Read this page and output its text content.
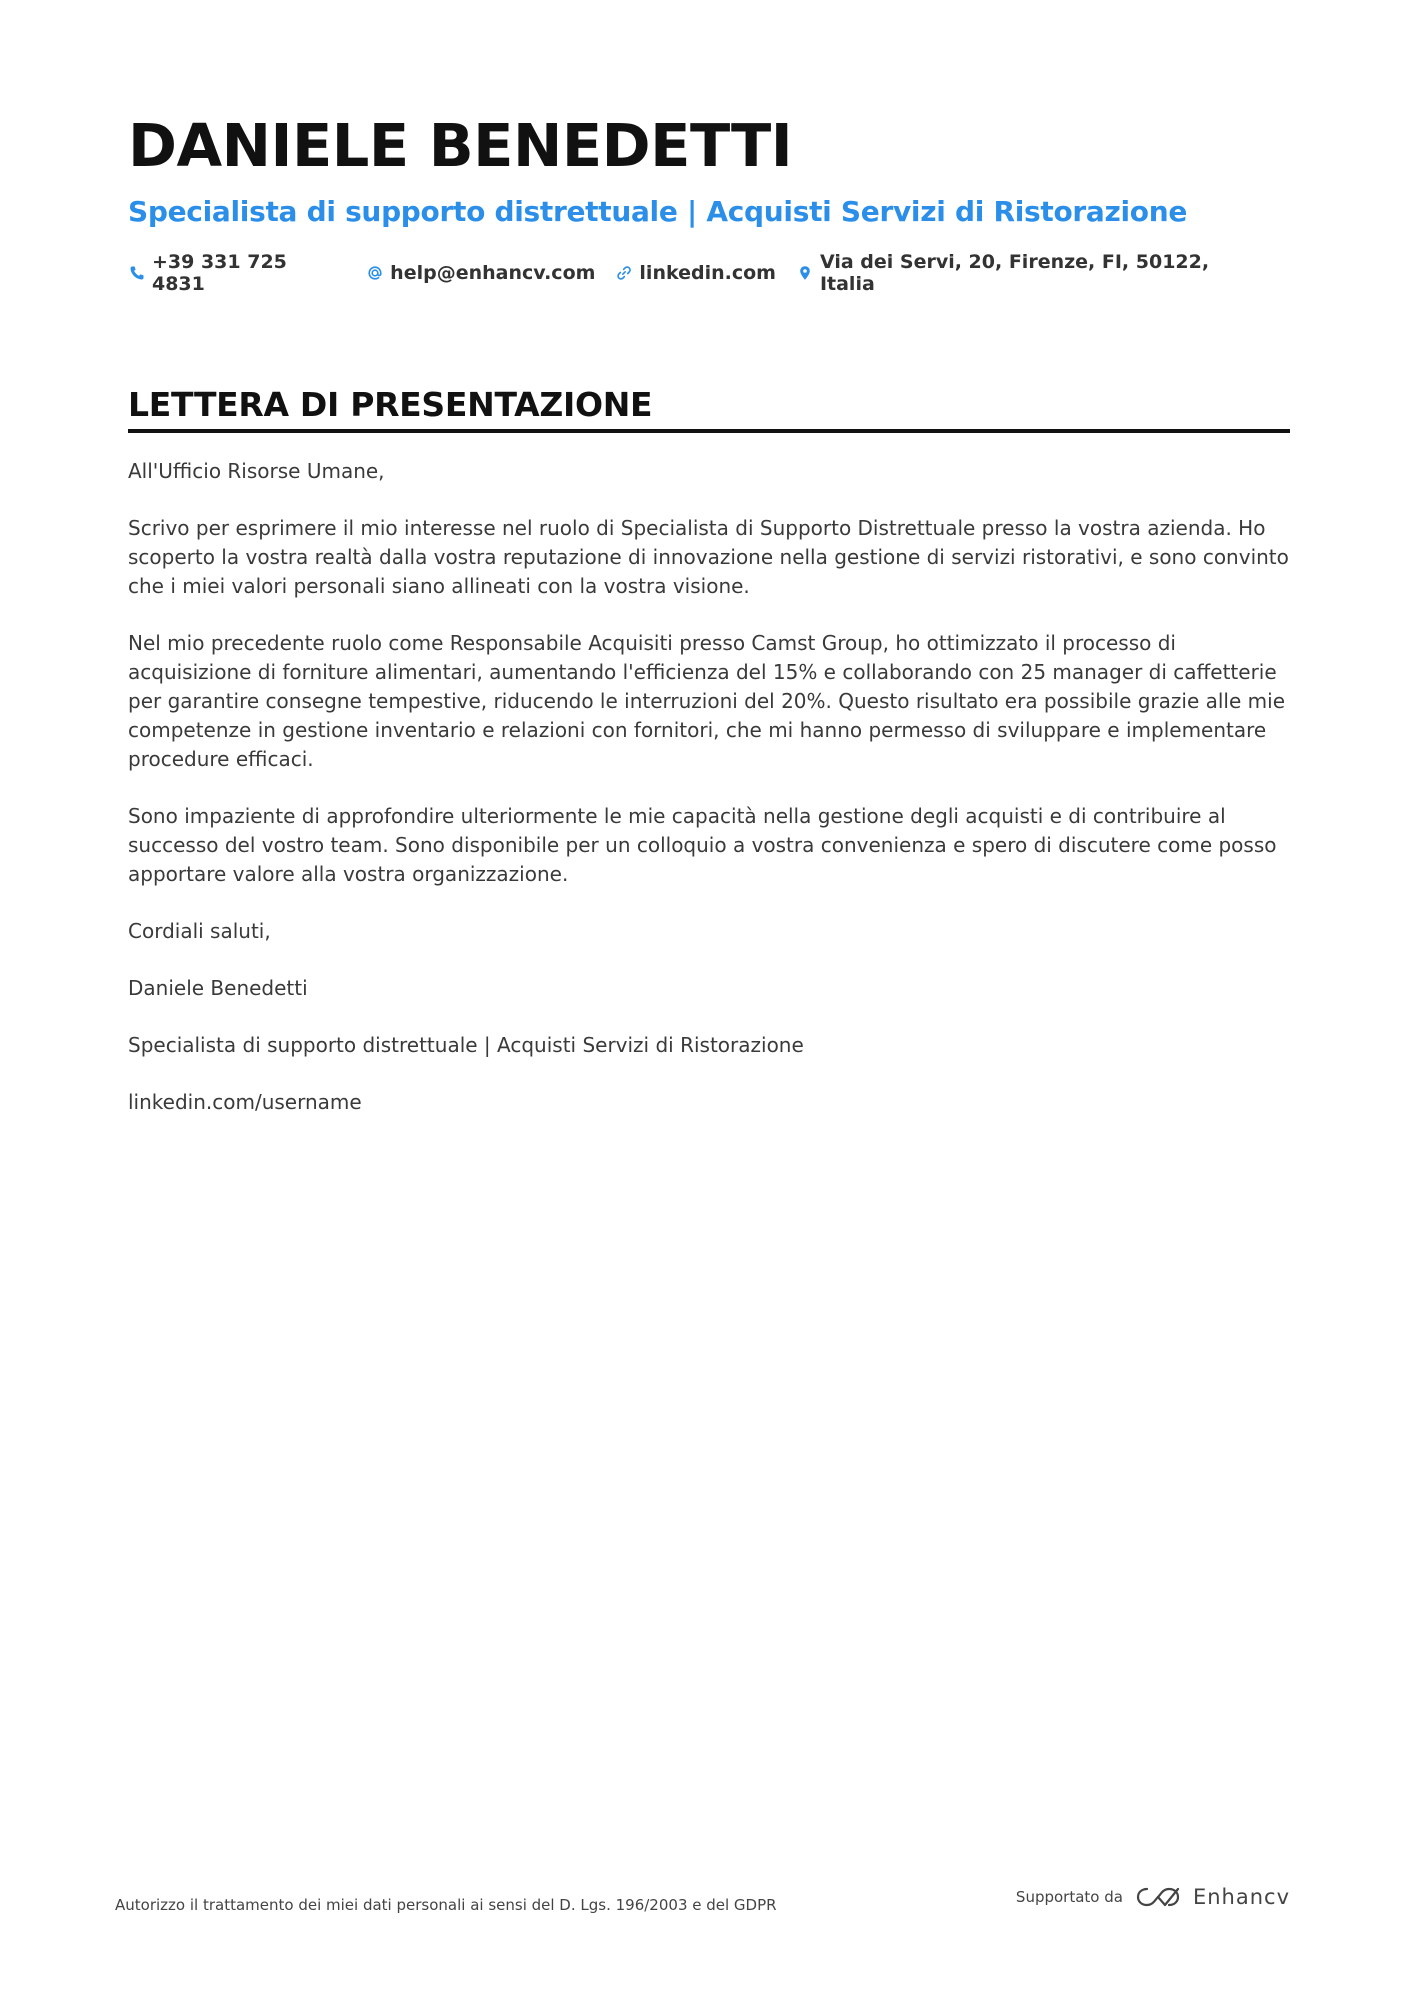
DANIELE BENEDETTI
Specialista di supporto distrettuale | Acquisti Servizi di Ristorazione
+39 331 725 4831	help@enhancv.com linkedin.com Via dei Servi, 20, Firenze, FI, 50122, Italia
LETTERA DI PRESENTAZIONE

All'Ufficio Risorse Umane,

Scrivo per esprimere il mio interesse nel ruolo di Specialista di Supporto Distrettuale presso la vostra azienda. Ho scoperto la vostra realtà dalla vostra reputazione di innovazione nella gestione di servizi ristorativi, e sono convinto che i miei valori personali siano allineati con la vostra visione.

Nel mio precedente ruolo come Responsabile Acquisiti presso Camst Group, ho ottimizzato il processo di acquisizione di forniture alimentari, aumentando l'efficienza del 15% e collaborando con 25 manager di caffetterie per garantire consegne tempestive, riducendo le interruzioni del 20%. Questo risultato era possibile grazie alle mie competenze in gestione inventario e relazioni con fornitori, che mi hanno permesso di sviluppare e implementare procedure efficaci.

Sono impaziente di approfondire ulteriormente le mie capacità nella gestione degli acquisti e di contribuire al successo del vostro team. Sono disponibile per un colloquio a vostra convenienza e spero di discutere come posso apportare valore alla vostra organizzazione.

Cordiali saluti,

Daniele Benedetti

Specialista di supporto distrettuale | Acquisti Servizi di Ristorazione

linkedin.com/username

Autorizzo il trattamento dei miei dati personali ai sensi del D. Lgs. 196/2003 e del GDPR	Supportato da	Enhancv
